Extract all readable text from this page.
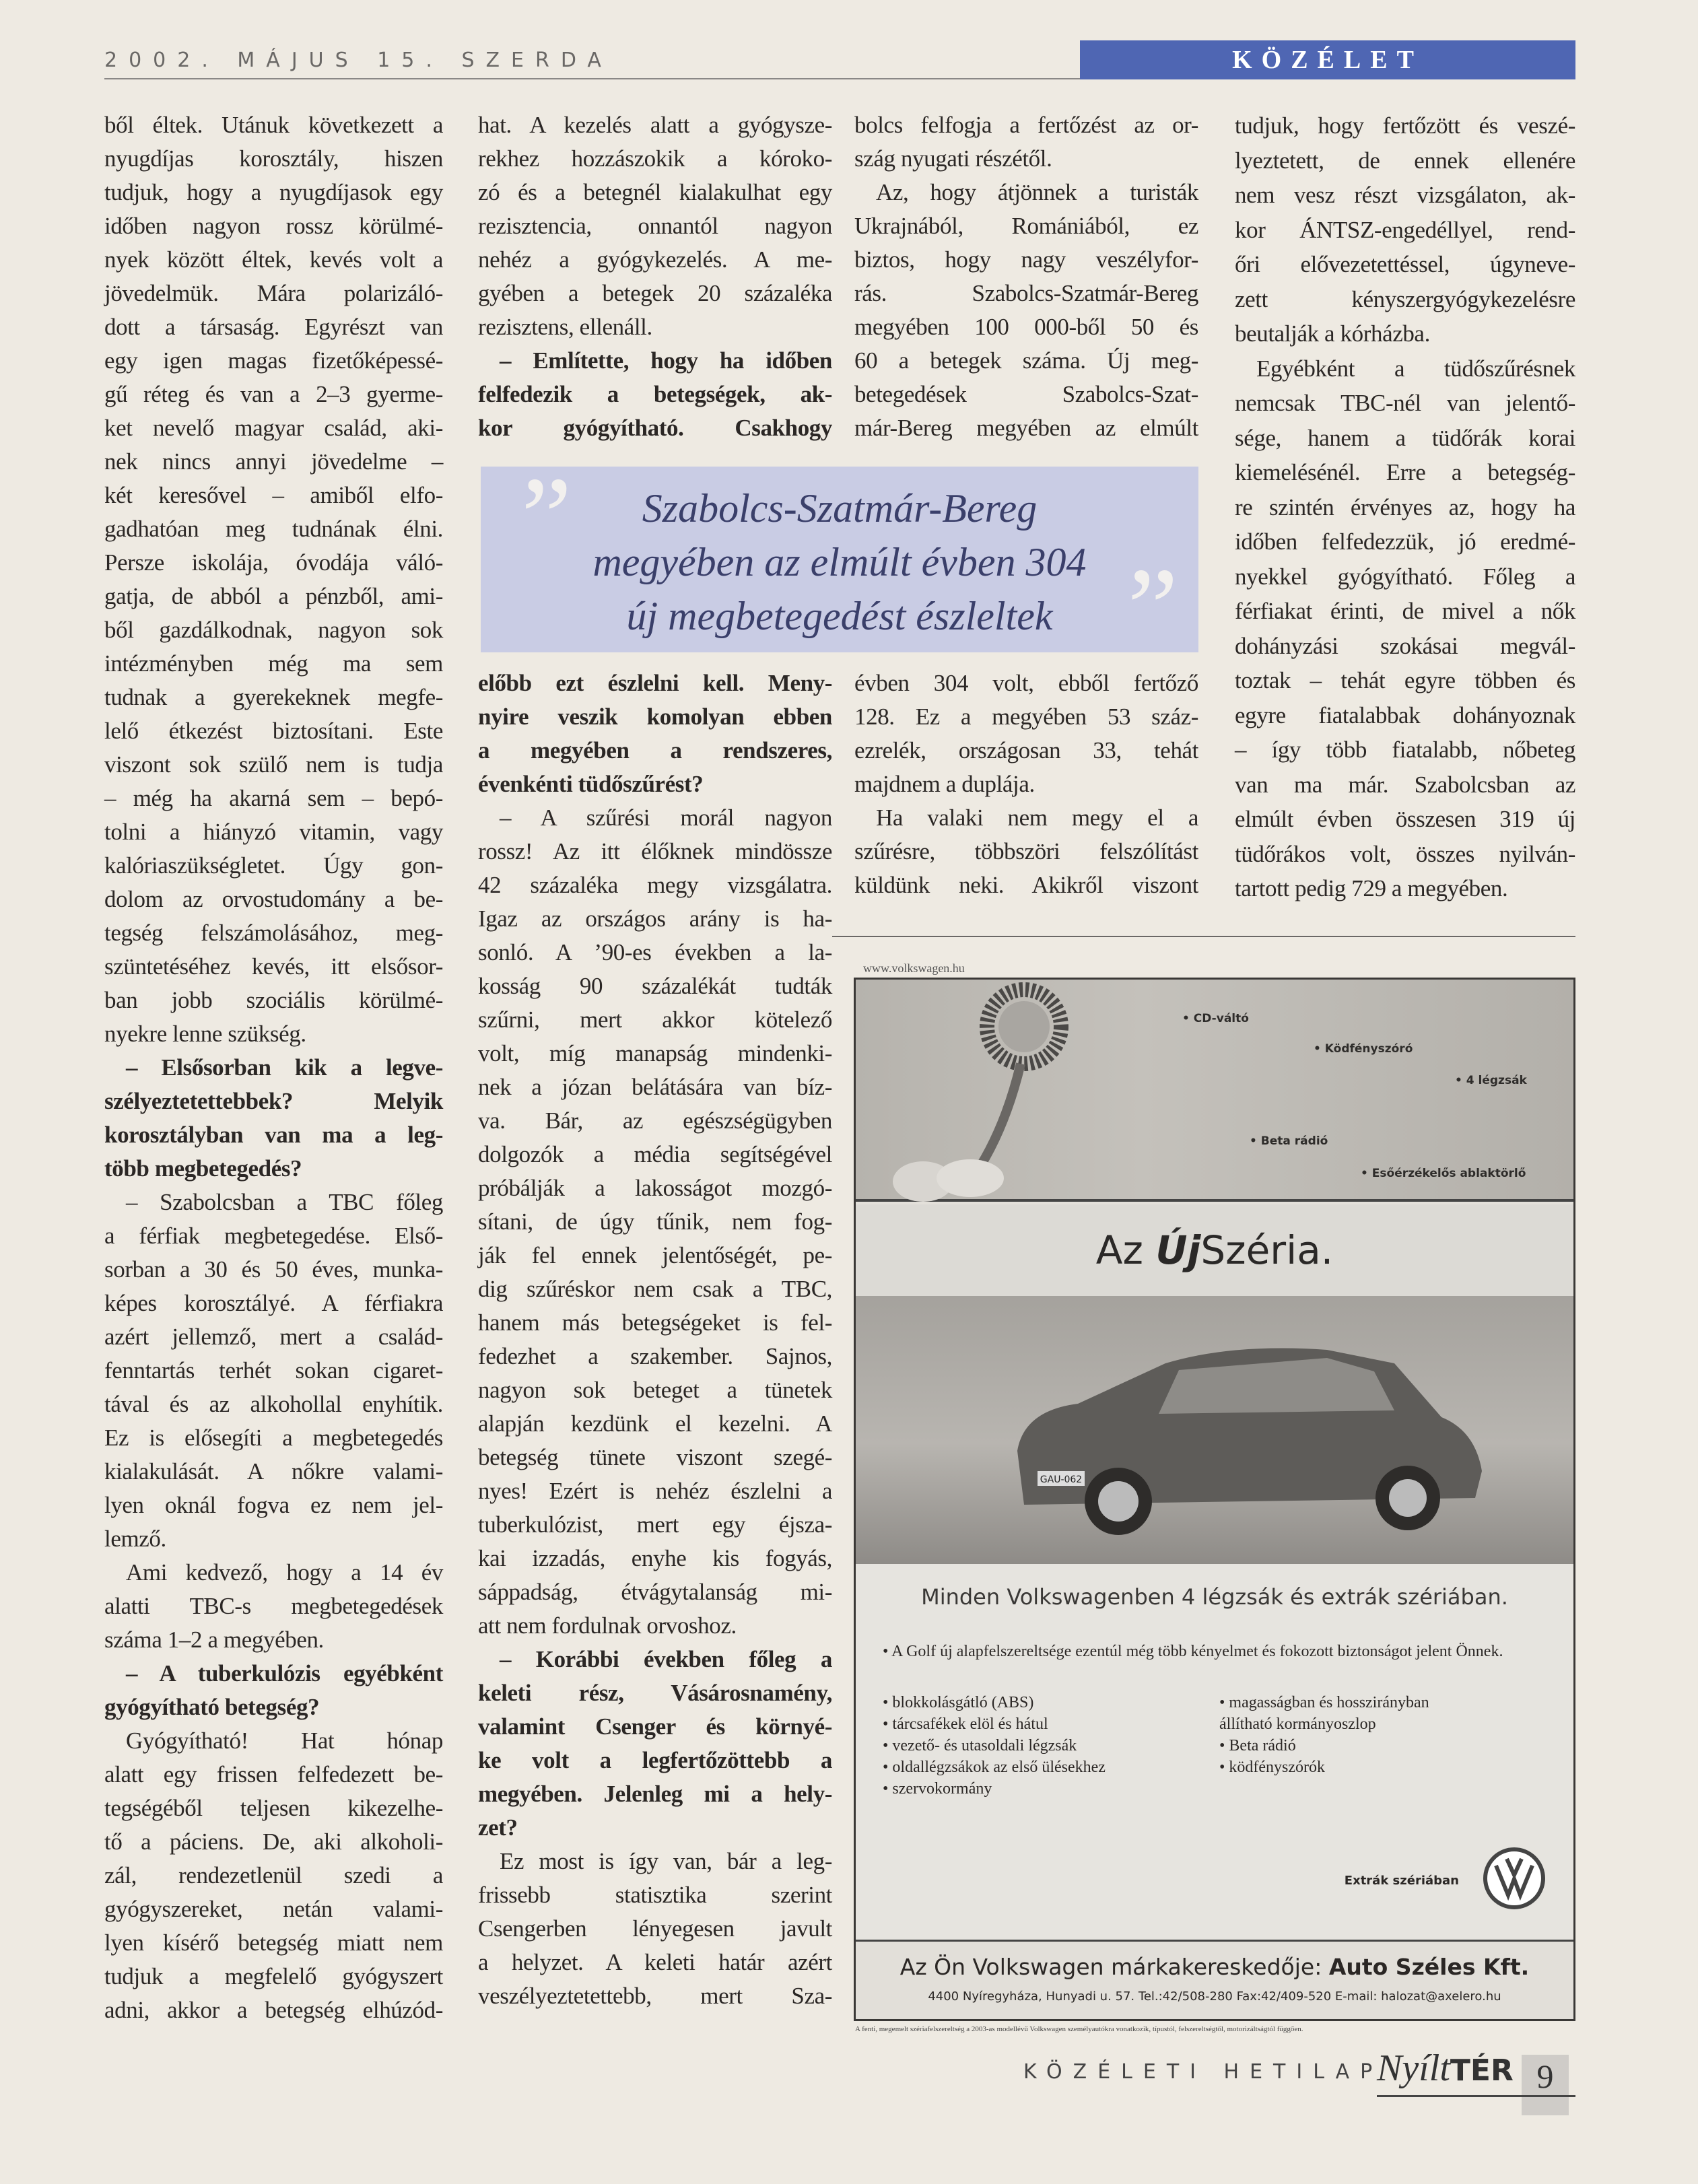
2002. MÁJUS 15. SZERDA	KÖZÉLET
ből éltek. Utánuk következett a
nyugdíjas korosztály, hiszen
tudjuk, hogy a nyugdíjasok egy
időben nagyon rossz körülmé-
nyek között éltek, kevés volt a
jövedelmük. Mára polarizáló-
dott a társaság. Egyrészt van
egy igen magas fizetőképessé-
gű réteg és van a 2–3 gyerme-
ket nevelő magyar család, aki-
nek nincs annyi jövedelme –
két keresővel – amiből elfo-
gadhatóan meg tudnának élni.
Persze iskolája, óvodája váló-
gatja, de abból a pénzből, ami-
ből gazdálkodnak, nagyon sok
intézményben még ma sem
tudnak a gyerekeknek megfe-
lelő étkezést biztosítani. Este
viszont sok szülő nem is tudja
– még ha akarná sem – bepó-
tolni a hiányzó vitamin, vagy
kalóriaszükségletet. Úgy gon-
dolom az orvostudomány a be-
tegség felszámolásához, meg-
szüntetéséhez kevés, itt elsősor-
ban jobb szociális körülmé-
nyekre lenne szükség.
– Elsősorban kik a legve-
szélyeztetettebbek? Melyik
korosztályban van ma a leg-
több megbetegedés?
– Szabolcsban a TBC főleg
a férfiak megbetegedése. Első-
sorban a 30 és 50 éves, munka-
képes korosztályé. A férfiakra
azért jellemző, mert a család-
fenntartás terhét sokan cigaret-
tával és az alkohollal enyhítik.
Ez is elősegíti a megbetegedés
kialakulását. A nőkre valami-
lyen oknál fogva ez nem jel-
lemző.
Ami kedvező, hogy a 14 év
alatti TBC-s megbetegedések
száma 1–2 a megyében.
– A tuberkulózis egyébként
gyógyítható betegség?
Gyógyítható! Hat hónap
alatt egy frissen felfedezett be-
tegségéből teljesen kikezelhe-
tő a páciens. De, aki alkoholi-
zál, rendezetlenül szedi a
gyógyszereket, netán valami-
lyen kísérő betegség miatt nem
tudjuk a megfelelő gyógyszert
adni, akkor a betegség elhúzód-
hat. A kezelés alatt a gyógysze-
rekhez hozzászokik a kóroko-
zó és a betegnél kialakulhat egy
rezisztencia, onnantól nagyon
nehéz a gyógykezelés. A me-
gyében a betegek 20 százaléka
rezisztens, ellenáll.
– Említette, hogy ha időben
felfedezik a betegségek, ak-
kor gyógyítható. Csakhogy
előbb ezt észlelni kell. Meny-
nyire veszik komolyan ebben
a megyében a rendszeres,
évenkénti tüdőszűrést?
– A szűrési morál nagyon
rossz! Az itt élőknek mindössze
42 százaléka megy vizsgálatra.
Igaz az országos arány is ha-
sonló. A ’90-es években a la-
kosság 90 százalékát tudták
szűrni, mert akkor kötelező
volt, míg manapság mindenki-
nek a józan belátására van bíz-
va. Bár, az egészségügyben
dolgozók a média segítségével
próbálják a lakosságot mozgó-
sítani, de úgy tűnik, nem fog-
ják fel ennek jelentőségét, pe-
dig szűréskor nem csak a TBC,
hanem más betegségeket is fel-
fedezhet a szakember. Sajnos,
nagyon sok beteget a tünetek
alapján kezdünk el kezelni. A
betegség tünete viszont szegé-
nyes! Ezért is nehéz észlelni a
tuberkulózist, mert egy éjsza-
kai izzadás, enyhe kis fogyás,
sáppadság, étvágytalanság mi-
att nem fordulnak orvoshoz.
– Korábbi években főleg a
keleti rész, Vásárosnamény,
valamint Csenger és környé-
ke volt a legfertőzöttebb a
megyében. Jelenleg mi a hely-
zet?
Ez most is így van, bár a leg-
frissebb statisztika szerint
Csengerben lényegesen javult
a helyzet. A keleti határ azért
veszélyeztetettebb, mert Sza-
bolcs felfogja a fertőzést az or-
szág nyugati részétől.
Az, hogy átjönnek a turisták
Ukrajnából, Romániából, ez
biztos, hogy nagy veszélyfor-
rás. Szabolcs-Szatmár-Bereg
megyében 100 000-ből 50 és
60 a betegek száma. Új meg-
betegedések Szabolcs-Szat-
már-Bereg megyében az elmúlt
évben 304 volt, ebből fertőző
128. Ez a megyében 53 száz-
ezrelék, országosan 33, tehát
majdnem a duplája.
Ha valaki nem megy el a
szűrésre, többszöri felszólítást
küldünk neki. Akikről viszont
tudjuk, hogy fertőzött és veszé-
lyeztetett, de ennek ellenére
nem vesz részt vizsgálaton, ak-
kor ÁNTSZ-engedéllyel, rend-
őri elővezetettéssel, úgyneve-
zett kényszergyógykezelésre
beutalják a kórházba.
Egyébként a tüdőszűrésnek
nemcsak TBC-nél van jelentő-
sége, hanem a tüdőrák korai
kiemelésénél. Erre a betegség-
re szintén érvényes az, hogy ha
időben felfedezzük, jó eredmé-
nyekkel gyógyítható. Főleg a
férfiakat érinti, de mivel a nők
dohányzási szokásai megvál-
toztak – tehát egyre többen és
egyre fiatalabbak dohányoznak
– így több fiatalabb, nőbeteg
van ma már. Szabolcsban az
elmúlt évben összesen 319 új
tüdőrákos volt, összes nyilván-
tartott pedig 729 a megyében.
”
”
Szabolcs-Szatmár-Bereg
megyében az elmúlt évben 304
új megbetegedést észleltek
www.volkswagen.hu
• CD-váltó
• Ködfényszóró
• 4 légzsák
• Beta rádió
• Esőérzékelős ablaktörlő
Az ÚjSzéria.
GAU-062
Minden Volkswagenben 4 légzsák és extrák szériában.
• A Golf új alapfelszereltsége ezentúl még több kényelmet és fokozott biztonságot jelent Önnek.
• blokkolásgátló (ABS)
• tárcsafékek elöl és hátul
• vezető- és utasoldali légzsák
• oldallégzsákok az első ülésekhez
• szervokormány
• magasságban és hosszirányban
állítható kormányoszlop
• Beta rádió
• ködfényszórók
Extrák szériában
Az Ön Volkswagen márkakereskedője: Auto Széles Kft.
4400 Nyíregyháza, Hunyadi u. 57. Tel.:42/508-280 Fax:42/409-520 E-mail: halozat@axelero.hu
A fenti, megemelt szériafelszereltség a 2003-as modellévű Volkswagen személyautókra vonatkozik, típustól, felszereltségtől, motorizáltságtól függően.
KÖZÉLETI HETILAP
NyíltTÉR 9
